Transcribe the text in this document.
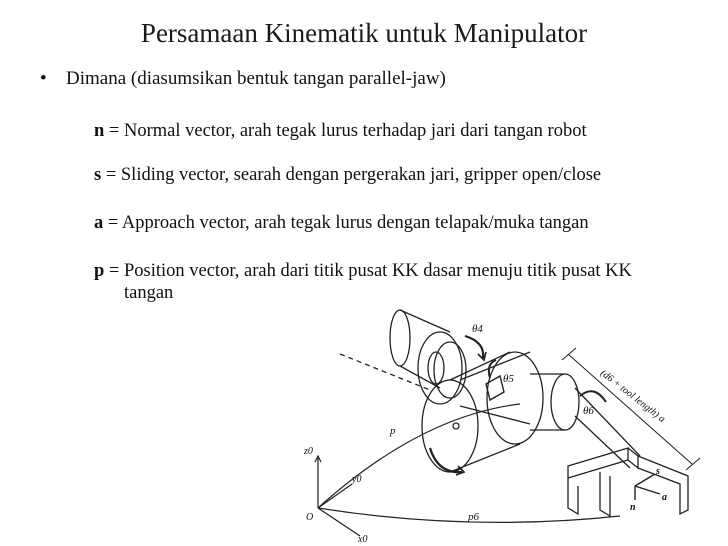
Persamaan Kinematik untuk Manipulator
• Dimana (diasumsikan bentuk tangan parallel-jaw)
n = Normal vector, arah tegak lurus terhadap jari dari tangan robot
s = Sliding vector, searah dengan pergerakan jari, gripper open/close
a = Approach vector, arah tegak lurus dengan telapak/muka tangan
p = Position vector, arah dari titik pusat KK dasar menuju titik pusat KK
tangan
θ4
θ5
θ6 (d6 + tool length) a
p
p6
z0
y0
x0
O
n
s
a
